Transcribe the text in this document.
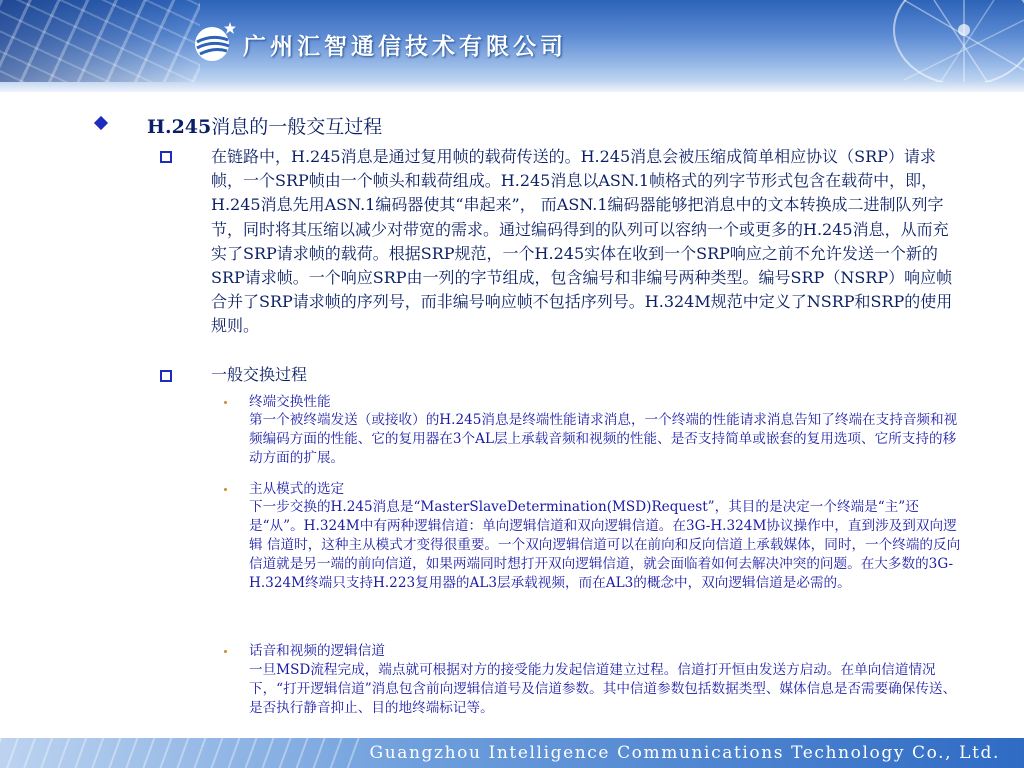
广州汇智通信技术有限公司
H.245消息的一般交互过程
在链路中，H.245消息是通过复用帧的载荷传送的。H.245消息会被压缩成简单相应协议（SRP）请求帧，一个SRP帧由一个帧头和载荷组成。H.245消息以ASN.1帧格式的列字节形式包含在载荷中，即，H.245消息先用ASN.1编码器使其“串起来”， 而ASN.1编码器能够把消息中的文本转换成二进制队列字节，同时将其压缩以减少对带宽的需求。通过编码得到的队列可以容纳一个或更多的H.245消息，从而充实了SRP请求帧的载荷。根据SRP规范，一个H.245实体在收到一个SRP响应之前不允许发送一个新的SRP请求帧。一个响应SRP由一列的字节组成，包含编号和非编号两种类型。编号SRP（NSRP）响应帧合并了SRP请求帧的序列号，而非编号响应帧不包括序列号。H.324M规范中定义了NSRP和SRP的使用规则。
一般交换过程
终端交换性能
第一个被终端发送（或接收）的H.245消息是终端性能请求消息，一个终端的性能请求消息告知了终端在支持音频和视频编码方面的性能、它的复用器在3个AL层上承载音频和视频的性能、是否支持简单或嵌套的复用选项、它所支持的移动方面的扩展。
主从模式的选定
下一步交换的H.245消息是“MasterSlaveDetermination(MSD)Request”，其目的是决定一个终端是“主”还是“从”。H.324M中有两种逻辑信道：单向逻辑信道和双向逻辑信道。在3G-H.324M协议操作中，直到涉及到双向逻辑 信道时，这种主从模式才变得很重要。一个双向逻辑信道可以在前向和反向信道上承载媒体，同时，一个终端的反向信道就是另一端的前向信道，如果两端同时想打开双向逻辑信道，就会面临着如何去解决冲突的问题。在大多数的3G-H.324M终端只支持H.223复用器的AL3层承载视频，而在AL3的概念中，双向逻辑信道是必需的。
话音和视频的逻辑信道
一旦MSD流程完成，端点就可根据对方的接受能力发起信道建立过程。信道打开恒由发送方启动。在单向信道情况下，“打开逻辑信道”消息包含前向逻辑信道号及信道参数。其中信道参数包括数据类型、媒体信息是否需要确保传送、是否执行静音抑止、目的地终端标记等。
Guangzhou Intelligence Communications Technology Co., Ltd.
